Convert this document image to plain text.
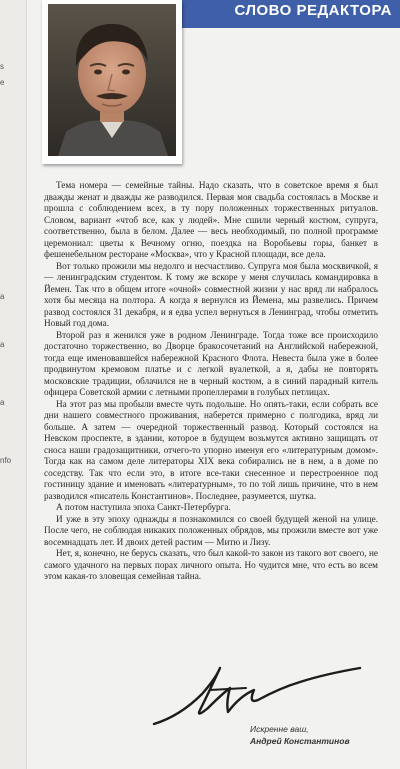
s
e
а
а
а
nfo
СЛОВО РЕДАКТОРА

Тема номера — семейные тайны. Надо сказать, что в советское время я был дважды женат и дважды же разводился. Первая моя свадьба состоялась в Москве и прошла с соблюдением всех, в ту пору положенных торжественных ритуалов. Словом, вариант «чтоб все, как у людей». Мне сшили черный костюм, супруга, соответственно, была в белом. Далее — весь необходимый, по полной программе церемониал: цветы к Вечному огню, поездка на Воробьевы горы, банкет в фешенебельном ресторане «Москва», что у Красной площади, все дела.

Вот только прожили мы недолго и несчастливо. Супруга моя была москвичкой, я — ленинградским студентом. К тому же вскоре у меня случилась командировка в Йемен. Так что в общем итоге «очной» совместной жизни у нас вряд ли набралось хотя бы месяца на полтора. А когда я вернулся из Йемена, мы развелись. Причем развод состоялся 31 декабря, и я едва успел вернуться в Ленинград, чтобы отметить Новый год дома.

Второй раз я женился уже в родном Ленинграде. Тогда тоже все происходило достаточно торжественно, во Дворце бракосочетаний на Английской набережной, тогда еще именовавшейся набережной Красного Флота. Невеста была уже в более продвинутом кремовом платье и с легкой вуалеткой, а я, дабы не повторять московские традиции, облачился не в черный костюм, а в синий парадный китель офицера Советской армии с летными пропеллерами в голубых петлицах.

На этот раз мы пробыли вместе чуть подольше. Но опять-таки, если собрать все дни нашего совместного проживания, наберется примерно с полгодика, вряд ли больше. А затем — очередной торжественный развод. Который состоялся на Невском проспекте, в здании, которое в будущем возьмутся активно защищать от сноса наши градозащитники, отчего-то упорно именуя его «литературным домом». Тогда как на самом деле литераторы XIX века собирались не в нем, а в доме по соседству. Так что если это, в итоге все-таки снесенное и перестроенное под гостиницу здание и именовать «литературным», то по той лишь причине, что в нем разводился «писатель Константинов». Последнее, разумеется, шутка.

А потом наступила эпоха Санкт-Петербурга.

И уже в эту эпоху однажды я познакомился со своей будущей женой на улице. После чего, не соблюдая никаких положенных обрядов, мы прожили вместе вот уже восемнадцать лет. И двоих детей растим — Митю и Лизу.

Нет, я, конечно, не берусь сказать, что был какой-то закон из такого вот своего, не самого удачного на первых порах личного опыта. Но чудится мне, что есть во всем этом какая-то зловещая семейная тайна.

Искренне ваш,
Андрей Константинов
